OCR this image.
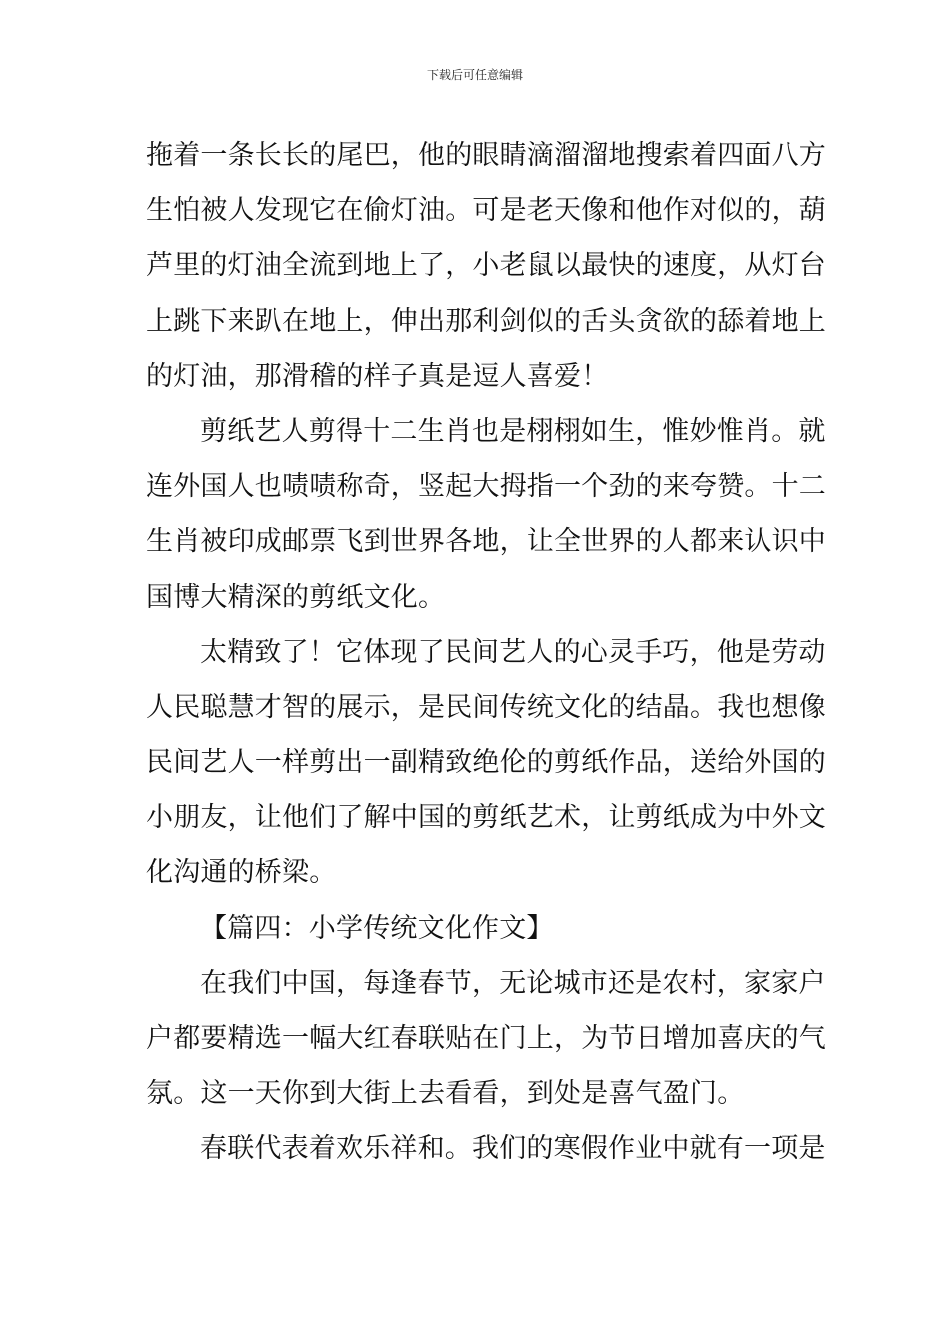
下载后可任意编辑
拖着一条长长的尾巴，他的眼睛滴溜溜地搜索着四面八方
生怕被人发现它在偷灯油。可是老天像和他作对似的，葫
芦里的灯油全流到地上了，小老鼠以最快的速度，从灯台
上跳下来趴在地上，伸出那利剑似的舌头贪欲的舔着地上
的灯油，那滑稽的样子真是逗人喜爱！
剪纸艺人剪得十二生肖也是栩栩如生，惟妙惟肖。就
连外国人也啧啧称奇，竖起大拇指一个劲的来夸赞。十二
生肖被印成邮票飞到世界各地，让全世界的人都来认识中
国博大精深的剪纸文化。
太精致了！它体现了民间艺人的心灵手巧，他是劳动
人民聪慧才智的展示，是民间传统文化的结晶。我也想像
民间艺人一样剪出一副精致绝伦的剪纸作品，送给外国的
小朋友，让他们了解中国的剪纸艺术，让剪纸成为中外文
化沟通的桥梁。
【篇四：小学传统文化作文】
在我们中国，每逢春节，无论城市还是农村，家家户
户都要精选一幅大红春联贴在门上，为节日增加喜庆的气
氛。这一天你到大街上去看看，到处是喜气盈门。
春联代表着欢乐祥和。我们的寒假作业中就有一项是
